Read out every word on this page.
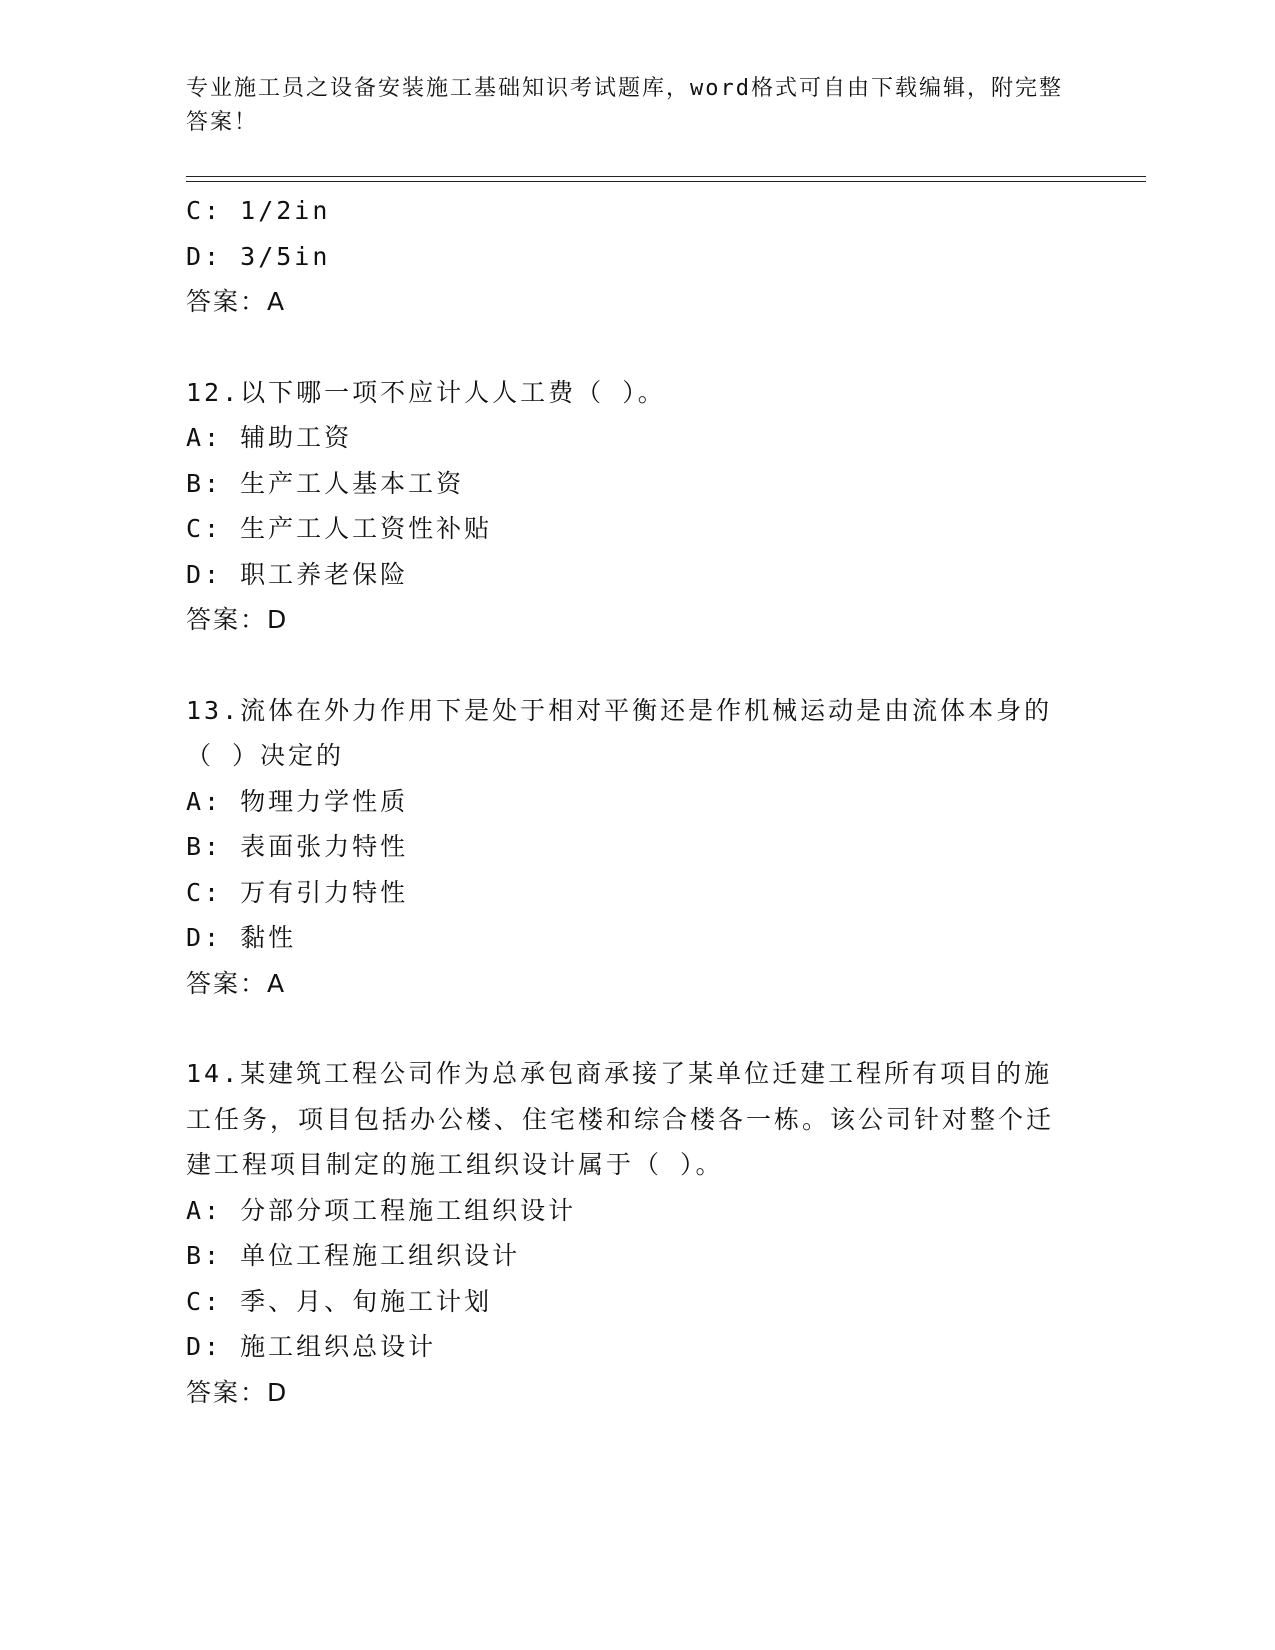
专业施工员之设备安装施工基础知识考试题库，word格式可自由下载编辑，附完整答案！
C: 1/2in
D: 3/5in
答案：A
12.以下哪一项不应计人人工费（ ）。
A: 辅助工资
B: 生产工人基本工资
C: 生产工人工资性补贴
D: 职工养老保险
答案：D
13.流体在外力作用下是处于相对平衡还是作机械运动是由流体本身的（ ）决定的
A: 物理力学性质
B: 表面张力特性
C: 万有引力特性
D: 黏性
答案：A
14.某建筑工程公司作为总承包商承接了某单位迁建工程所有项目的施工任务，项目包括办公楼、住宅楼和综合楼各一栋。该公司针对整个迁建工程项目制定的施工组织设计属于（ ）。
A: 分部分项工程施工组织设计
B: 单位工程施工组织设计
C: 季、月、旬施工计划
D: 施工组织总设计
答案：D
